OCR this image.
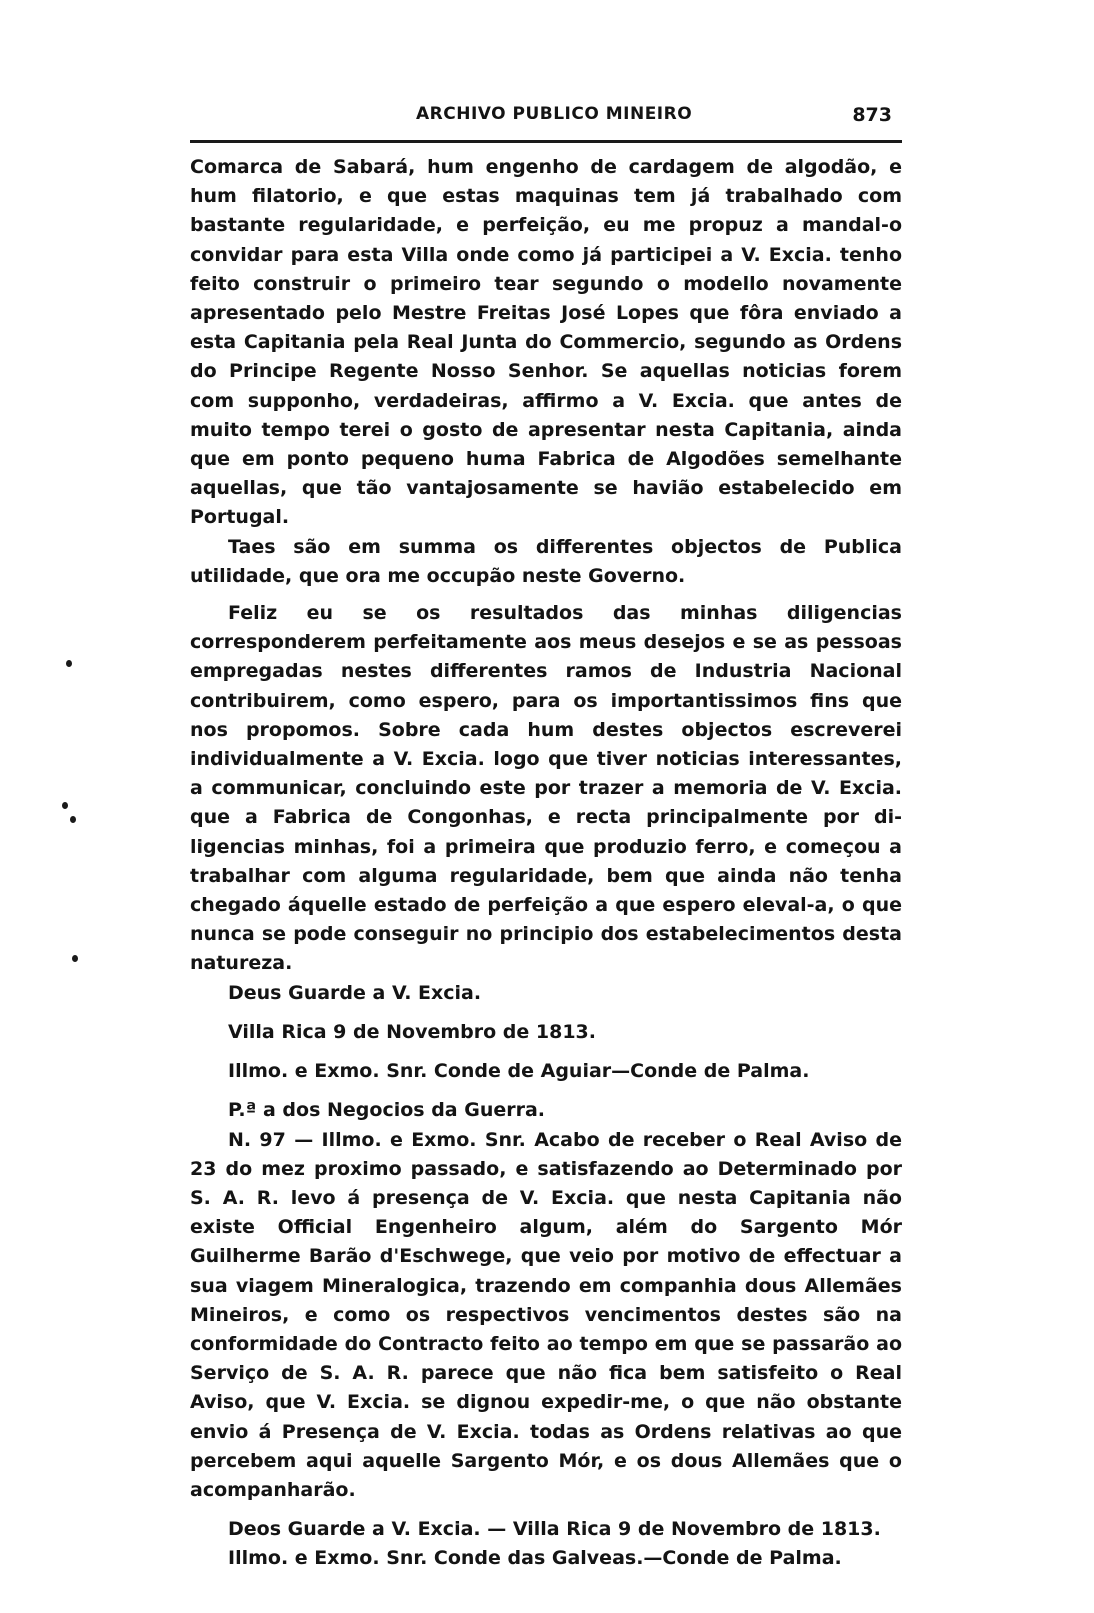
ARCHIVO PUBLICO MINEIRO	873

Comarca de Sabará, hum engenho de cardagem de algodão, e hum filatorio, e que estas maquinas tem já trabalhado com bastante regularidade, e perfeição, eu me propuz a mandal-o convidar para esta Villa onde como já participei a V. Excia. tenho feito construir o primeiro tear segundo o modello novamente apresentado pelo Mestre Freitas José Lopes que fôra enviado a esta Capitania pela Real Junta do Commercio, segundo as Ordens do Principe Regente Nosso Senhor. Se aquellas noticias forem com supponho, verdadeiras, affirmo a V. Excia. que antes de muito tempo terei o gosto de apresentar nesta Capitania, ainda que em ponto pequeno huma Fabrica de Algodões semelhante aquellas, que tão vantajosamente se havião estabelecido em Portugal.

Taes são em summa os differentes objectos de Publica utilidade, que ora me occupão neste Governo.

Feliz eu se os resultados das minhas diligencias corresponderem perfeitamente aos meus desejos e se as pessoas empregadas nestes differentes ramos de Industria Nacional contribuirem, como espero, para os importantissimos fins que nos propomos. Sobre cada hum destes objectos escreverei individualmente a V. Excia. logo que tiver noticias interessantes, a communicar, concluindo este por trazer a memoria de V. Excia. que a Fabrica de Congonhas, e recta principalmente por diligencias minhas, foi a primeira que produzio ferro, e começou a trabalhar com alguma regularidade, bem que ainda não tenha chegado áquelle estado de perfeição a que espero eleval-a, o que nunca se pode conseguir no principio dos estabelecimentos desta natureza.

Deus Guarde a V. Excia.

Villa Rica 9 de Novembro de 1813.

Illmo. e Exmo. Snr. Conde de Aguiar—Conde de Palma.

P.ª a dos Negocios da Guerra.

N. 97 — Illmo. e Exmo. Snr. Acabo de receber o Real Aviso de 23 do mez proximo passado, e satisfazendo ao Determinado por S. A. R. levo á presença de V. Excia. que nesta Capitania não existe Official Engenheiro algum, além do Sargento Mór Guilherme Barão d'Eschwege, que veio por motivo de effectuar a sua viagem Mineralogica, trazendo em companhia dous Allemães Mineiros, e como os respectivos vencimentos destes são na conformidade do Contracto feito ao tempo em que se passarão ao Serviço de S. A. R. parece que não fica bem satisfeito o Real Aviso, que V. Excia. se dignou expedir-me, o que não obstante envio á Presença de V. Excia. todas as Ordens relativas ao que percebem aqui aquelle Sargento Mór, e os dous Allemães que o acompanharão.

Deos Guarde a V. Excia. — Villa Rica 9 de Novembro de 1813.

Illmo. e Exmo. Snr. Conde das Galveas.—Conde de Palma.
